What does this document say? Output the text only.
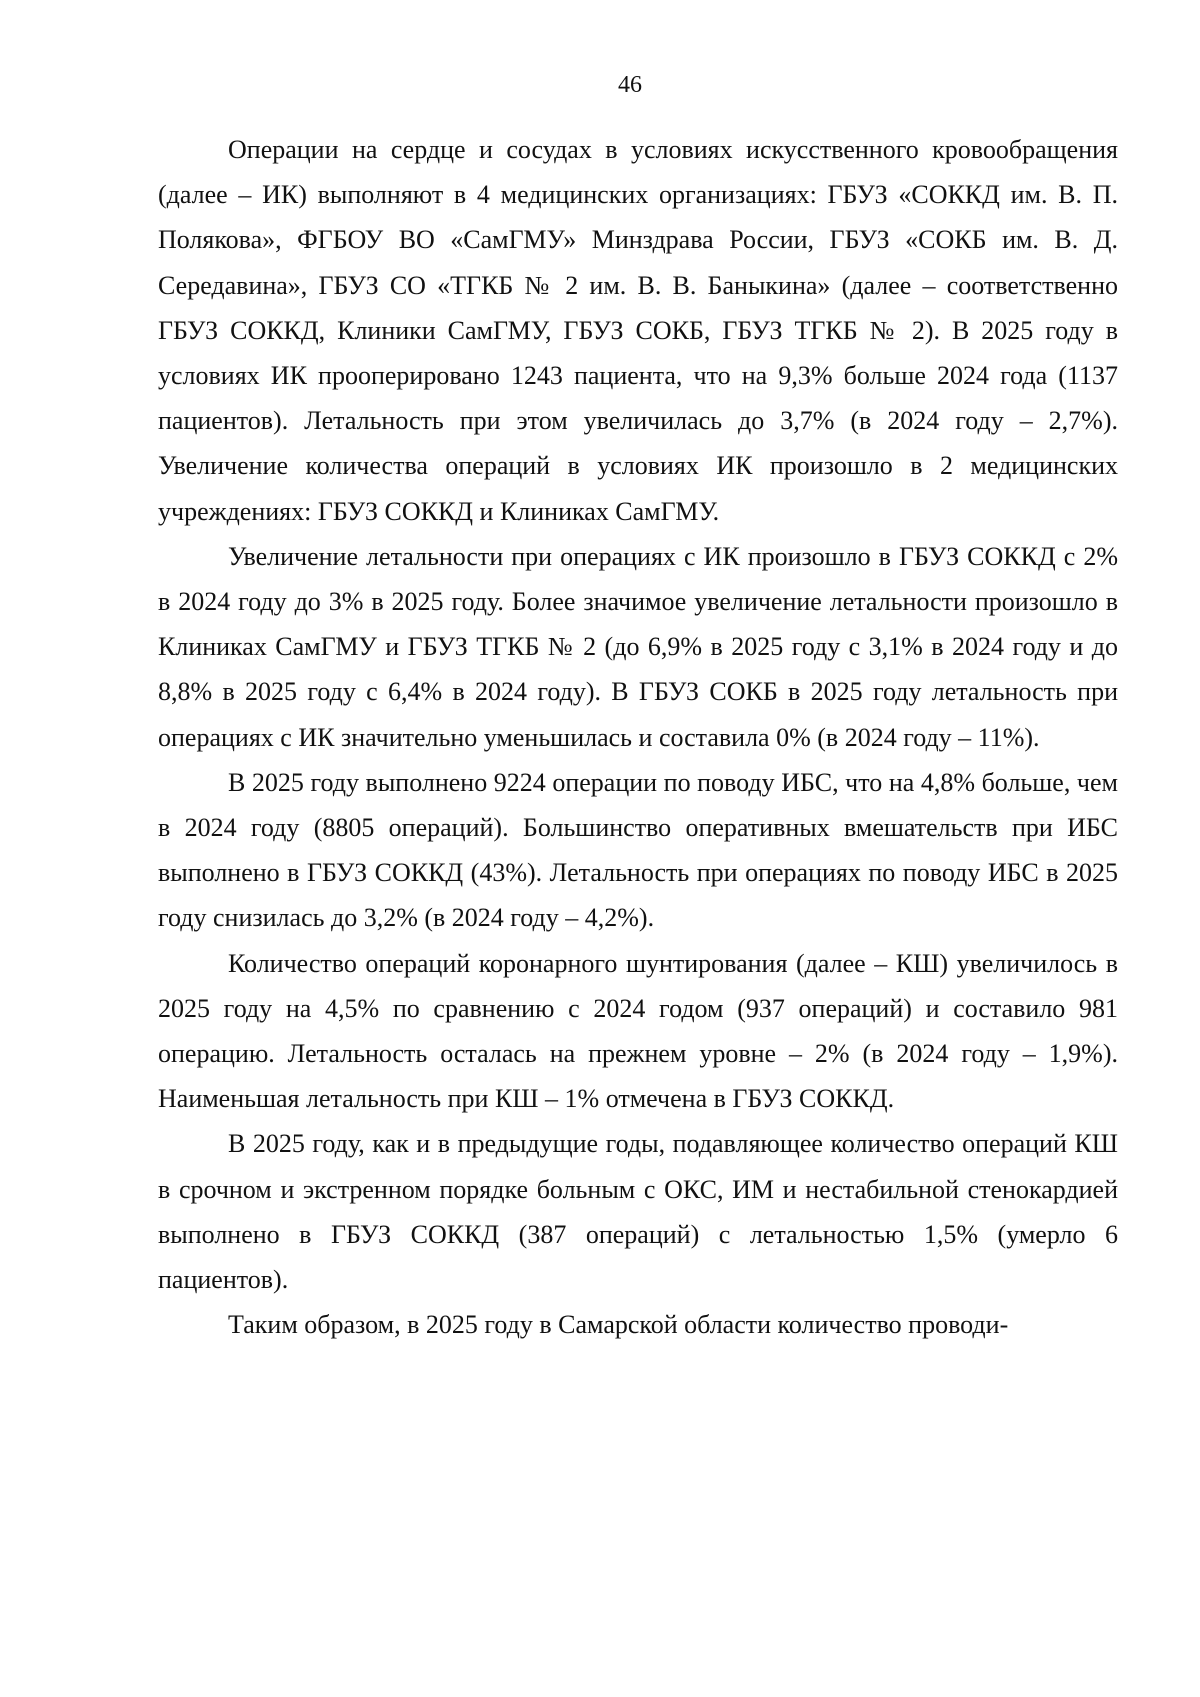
46

Операции на сердце и сосудах в условиях искусственного кровообращения (далее – ИК) выполняют в 4 медицинских организациях: ГБУЗ «СОККД им. В. П. Полякова», ФГБОУ ВО «СамГМУ» Минздрава России, ГБУЗ «СОКБ им. В. Д. Середавина», ГБУЗ СО «ТГКБ № 2 им. В. В. Баныкина» (далее – соответственно ГБУЗ СОККД, Клиники СамГМУ, ГБУЗ СОКБ, ГБУЗ ТГКБ № 2). В 2025 году в условиях ИК прооперировано 1243 пациента, что на 9,3% больше 2024 года (1137 пациентов). Летальность при этом увеличилась до 3,7% (в 2024 году – 2,7%). Увеличение количества операций в условиях ИК произошло в 2 медицинских учреждениях: ГБУЗ СОККД и Клиниках СамГМУ.

Увеличение летальности при операциях с ИК произошло в ГБУЗ СОККД с 2% в 2024 году до 3% в 2025 году. Более значимое увеличение летальности произошло в Клиниках СамГМУ и ГБУЗ ТГКБ № 2 (до 6,9% в 2025 году с 3,1% в 2024 году и до 8,8% в 2025 году с 6,4% в 2024 году). В ГБУЗ СОКБ в 2025 году летальность при операциях с ИК значительно уменьшилась и составила 0% (в 2024 году – 11%).

В 2025 году выполнено 9224 операции по поводу ИБС, что на 4,8% больше, чем в 2024 году (8805 операций). Большинство оперативных вмешательств при ИБС выполнено в ГБУЗ СОККД (43%). Летальность при операциях по поводу ИБС в 2025 году снизилась до 3,2% (в 2024 году – 4,2%).

Количество операций коронарного шунтирования (далее – КШ) увеличилось в 2025 году на 4,5% по сравнению с 2024 годом (937 операций) и составило 981 операцию. Летальность осталась на прежнем уровне – 2% (в 2024 году – 1,9%). Наименьшая летальность при КШ – 1% отмечена в ГБУЗ СОККД.

В 2025 году, как и в предыдущие годы, подавляющее количество операций КШ в срочном и экстренном порядке больным с ОКС, ИМ и нестабильной стенокардией выполнено в ГБУЗ СОККД (387 операций) с летальностью 1,5% (умерло 6 пациентов).

Таким образом, в 2025 году в Самарской области количество проводи-
